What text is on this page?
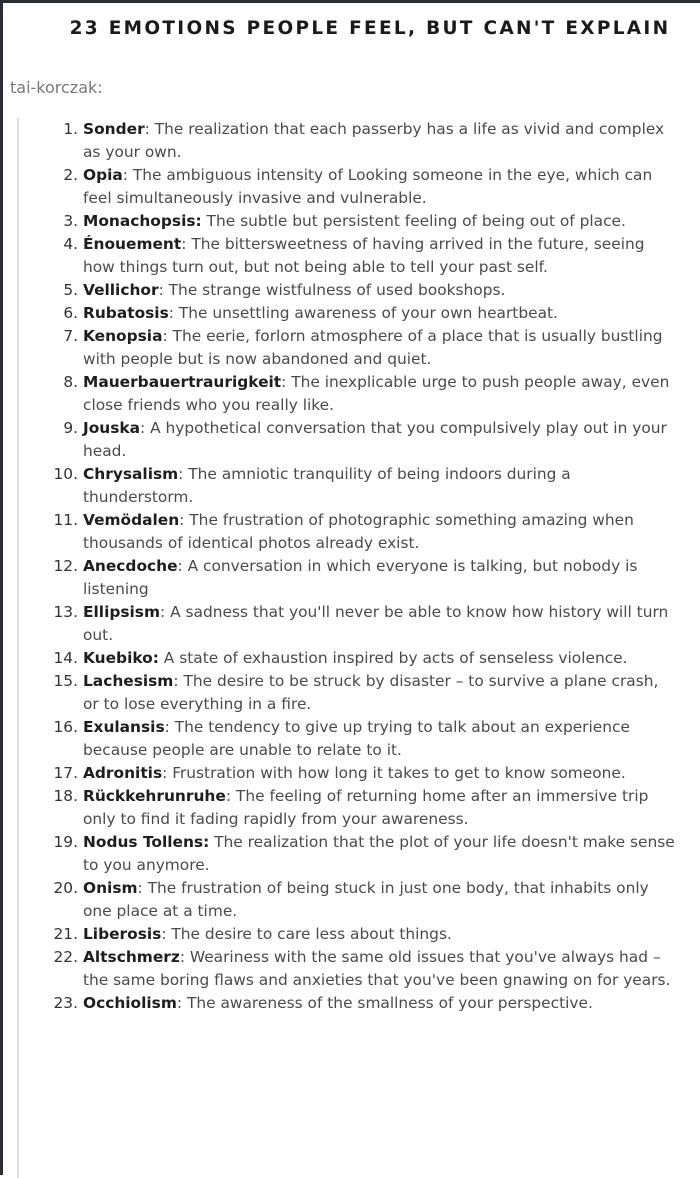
23 EMOTIONS PEOPLE FEEL, BUT CAN'T EXPLAIN
tai-korczak:
1. Sonder: The realization that each passerby has a life as vivid and complex as your own.
2. Opia: The ambiguous intensity of Looking someone in the eye, which can feel simultaneously invasive and vulnerable.
3. Monachopsis: The subtle but persistent feeling of being out of place.
4. Énouement: The bittersweetness of having arrived in the future, seeing how things turn out, but not being able to tell your past self.
5. Vellichor: The strange wistfulness of used bookshops.
6. Rubatosis: The unsettling awareness of your own heartbeat.
7. Kenopsia: The eerie, forlorn atmosphere of a place that is usually bustling with people but is now abandoned and quiet.
8. Mauerbauertraurigkeit: The inexplicable urge to push people away, even close friends who you really like.
9. Jouska: A hypothetical conversation that you compulsively play out in your head.
10. Chrysalism: The amniotic tranquility of being indoors during a thunderstorm.
11. Vemödalen: The frustration of photographic something amazing when thousands of identical photos already exist.
12. Anecdoche: A conversation in which everyone is talking, but nobody is listening
13. Ellipsism: A sadness that you'll never be able to know how history will turn out.
14. Kuebiko: A state of exhaustion inspired by acts of senseless violence.
15. Lachesism: The desire to be struck by disaster – to survive a plane crash, or to lose everything in a fire.
16. Exulansis: The tendency to give up trying to talk about an experience because people are unable to relate to it.
17. Adronitis: Frustration with how long it takes to get to know someone.
18. Rückkehrunruhe: The feeling of returning home after an immersive trip only to find it fading rapidly from your awareness.
19. Nodus Tollens: The realization that the plot of your life doesn't make sense to you anymore.
20. Onism: The frustration of being stuck in just one body, that inhabits only one place at a time.
21. Liberosis: The desire to care less about things.
22. Altschmerz: Weariness with the same old issues that you've always had – the same boring flaws and anxieties that you've been gnawing on for years.
23. Occhiolism: The awareness of the smallness of your perspective.
